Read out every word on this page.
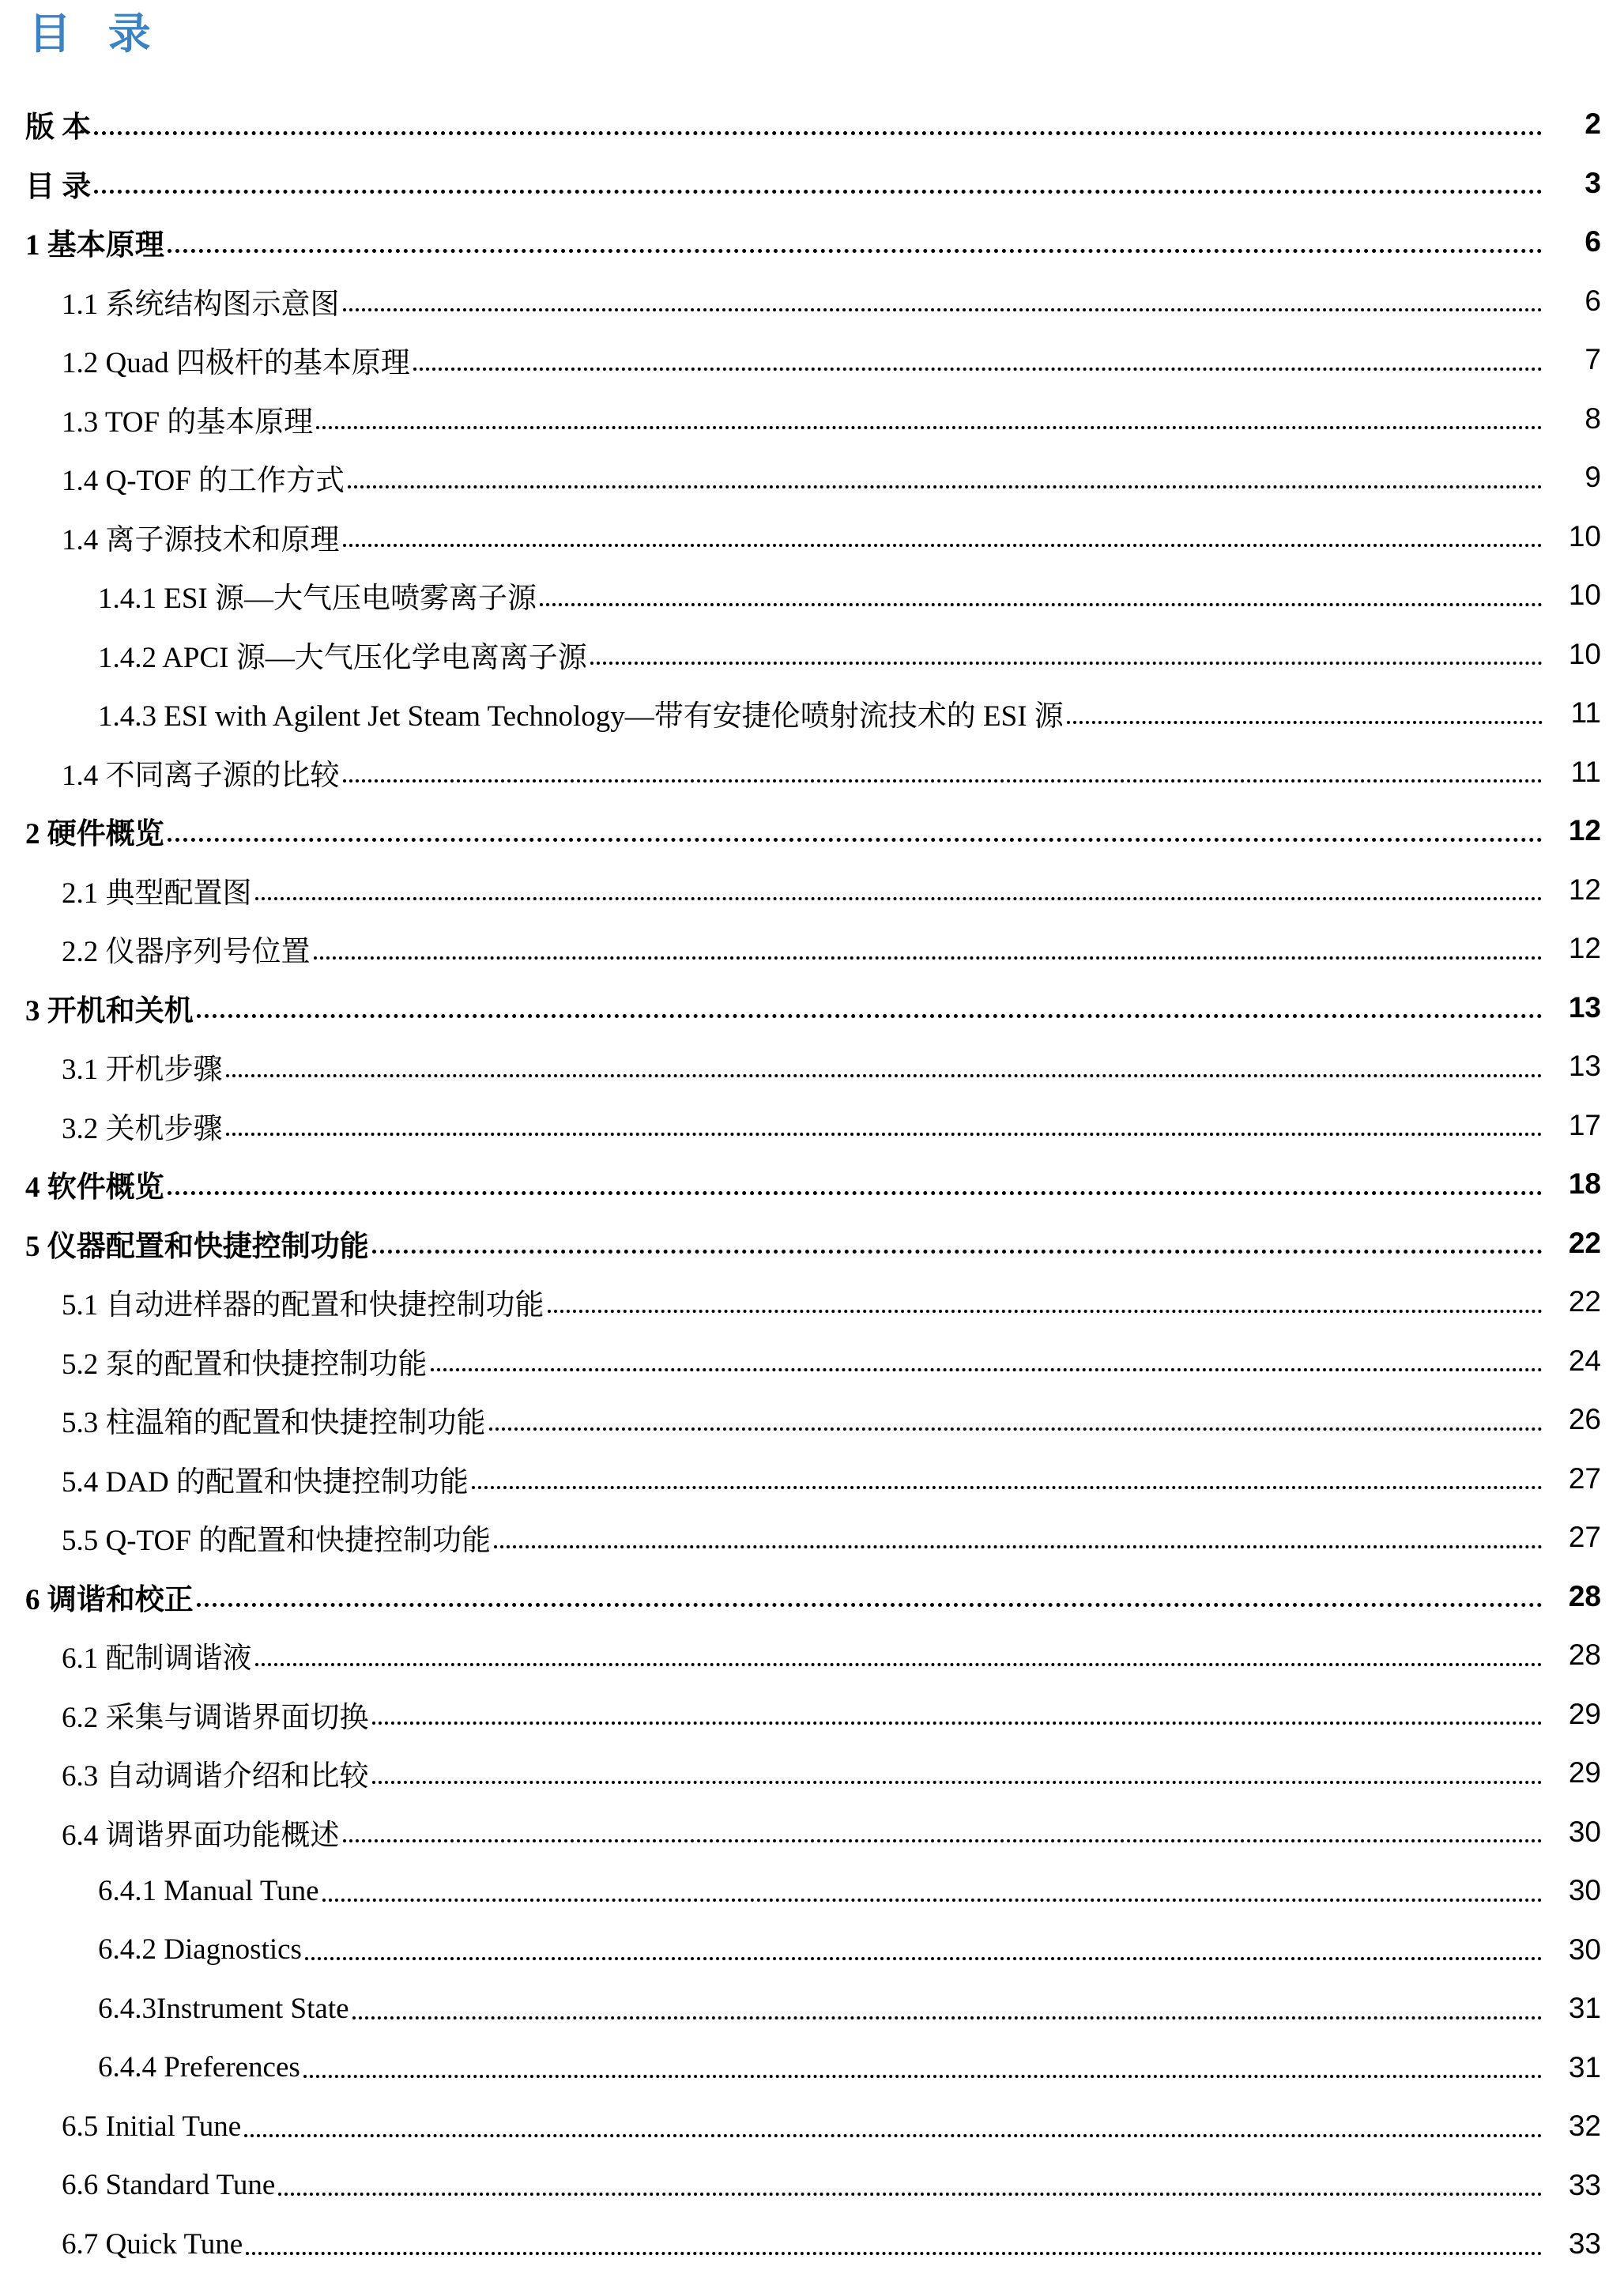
目 录
版 本	2
目 录	3
1 基本原理	6
1.1 系统结构图示意图	6
1.2 Quad 四极杆的基本原理	7
1.3 TOF 的基本原理	8
1.4 Q-TOF 的工作方式	9
1.4 离子源技术和原理	10
1.4.1 ESI 源—大气压电喷雾离子源	10
1.4.2 APCI 源—大气压化学电离离子源	10
1.4.3 ESI with Agilent Jet Steam Technology—带有安捷伦喷射流技术的 ESI 源	11
1.4 不同离子源的比较	11
2 硬件概览	12
2.1 典型配置图	12
2.2 仪器序列号位置	12
3 开机和关机	13
3.1 开机步骤	13
3.2 关机步骤	17
4 软件概览	18
5 仪器配置和快捷控制功能	22
5.1 自动进样器的配置和快捷控制功能	22
5.2 泵的配置和快捷控制功能	24
5.3 柱温箱的配置和快捷控制功能	26
5.4 DAD 的配置和快捷控制功能	27
5.5 Q-TOF 的配置和快捷控制功能	27
6 调谐和校正	28
6.1 配制调谐液	28
6.2 采集与调谐界面切换	29
6.3 自动调谐介绍和比较	29
6.4 调谐界面功能概述	30
6.4.1 Manual Tune	30
6.4.2 Diagnostics	30
6.4.3Instrument State	31
6.4.4 Preferences	31
6.5 Initial Tune	32
6.6 Standard Tune	33
6.7 Quick Tune	33
